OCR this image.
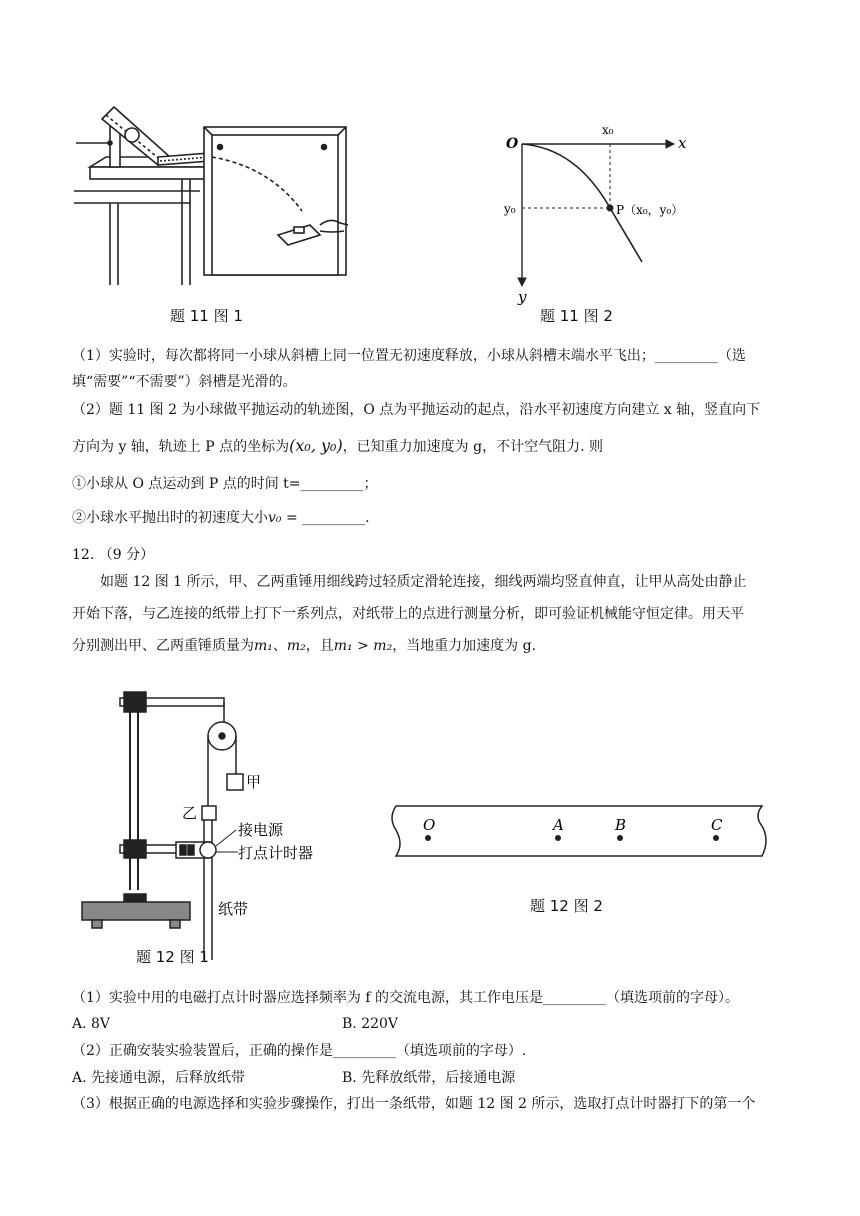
题 11 图 1
O	x
y
x₀
y₀	P（x₀，y₀）
题 11 图 2
（1）实验时，每次都将同一小球从斜槽上同一位置无初速度释放，小球从斜槽末端水平飞出；_________（选
填“需要”“不需要”）斜槽是光滑的。
（2）题 11 图 2 为小球做平抛运动的轨迹图，O 点为平抛运动的起点，沿水平初速度方向建立 x 轴，竖直向下
方向为 y 轴，轨迹上 P 点的坐标为(x₀, y₀)，已知重力加速度为 g，不计空气阻力. 则
①小球从 O 点运动到 P 点的时间 t=_________；
②小球水平抛出时的初速度大小v₀ = _________.
12. （9 分）
如题 12 图 1 所示，甲、乙两重锤用细线跨过轻质定滑轮连接，细线两端均竖直伸直，让甲从高处由静止
开始下落，与乙连接的纸带上打下一系列点，对纸带上的点进行测量分析，即可验证机械能守恒定律。用天平
分别测出甲、乙两重锤质量为m₁、m₂，且m₁ > m₂，当地重力加速度为 g.
甲
乙
接电源
打点计时器
纸带
题 12 图 1
O	A	B	C
题 12 图 2
（1）实验中用的电磁打点计时器应选择频率为 f 的交流电源，其工作电压是_________（填选项前的字母）。
A. 8V	B. 220V
（2）正确安装实验装置后，正确的操作是_________（填选项前的字母）.
A. 先接通电源，后释放纸带	B. 先释放纸带，后接通电源
（3）根据正确的电源选择和实验步骤操作，打出一条纸带，如题 12 图 2 所示，选取打点计时器打下的第一个
